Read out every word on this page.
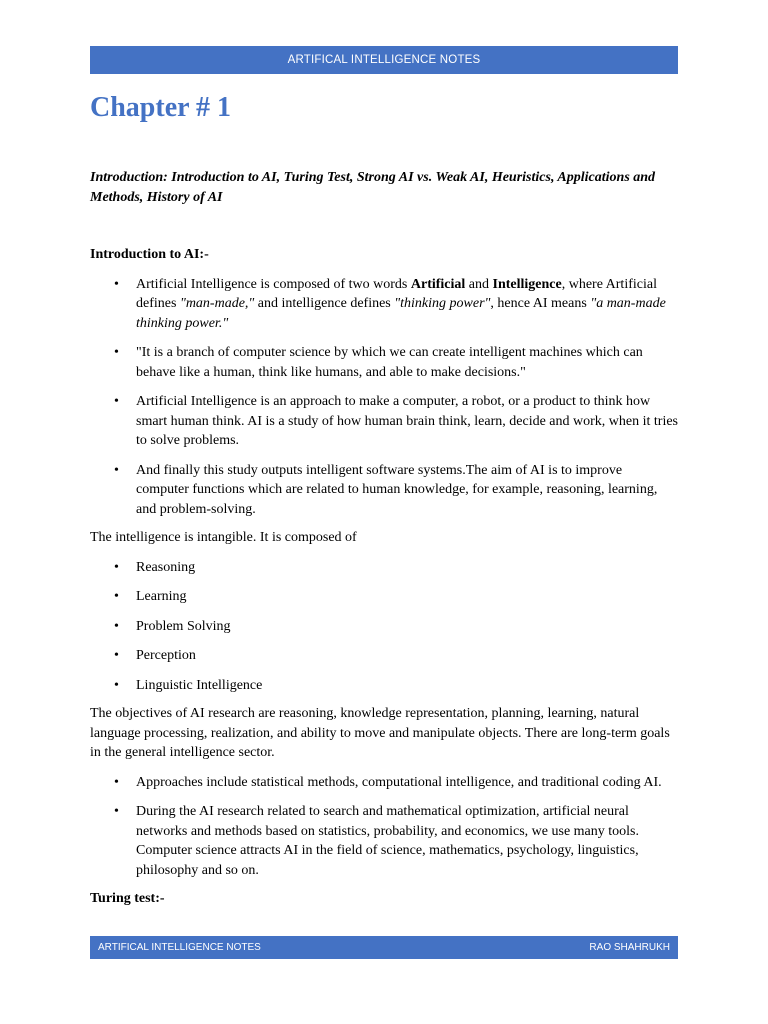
ARTIFICAL INTELLIGENCE NOTES
Chapter # 1

Introduction: Introduction to AI, Turing Test, Strong AI vs. Weak AI, Heuristics, Applications and Methods, History of AI

Introduction to AI:-

• Artificial Intelligence is composed of two words Artificial and Intelligence, where Artificial defines "man-made," and intelligence defines "thinking power", hence AI means "a man-made thinking power."
• "It is a branch of computer science by which we can create intelligent machines which can behave like a human, think like humans, and able to make decisions."
• Artificial Intelligence is an approach to make a computer, a robot, or a product to think how smart human think. AI is a study of how human brain think, learn, decide and work, when it tries to solve problems.
• And finally this study outputs intelligent software systems.The aim of AI is to improve computer functions which are related to human knowledge, for example, reasoning, learning, and problem-solving.

The intelligence is intangible. It is composed of

• Reasoning
• Learning
• Problem Solving
• Perception
• Linguistic Intelligence

The objectives of AI research are reasoning, knowledge representation, planning, learning, natural language processing, realization, and ability to move and manipulate objects. There are long-term goals in the general intelligence sector.

• Approaches include statistical methods, computational intelligence, and traditional coding AI.
• During the AI research related to search and mathematical optimization, artificial neural networks and methods based on statistics, probability, and economics, we use many tools. Computer science attracts AI in the field of science, mathematics, psychology, linguistics, philosophy and so on.

Turing test:-

ARTIFICAL INTELLIGENCE NOTES	RAO SHAHRUKH
